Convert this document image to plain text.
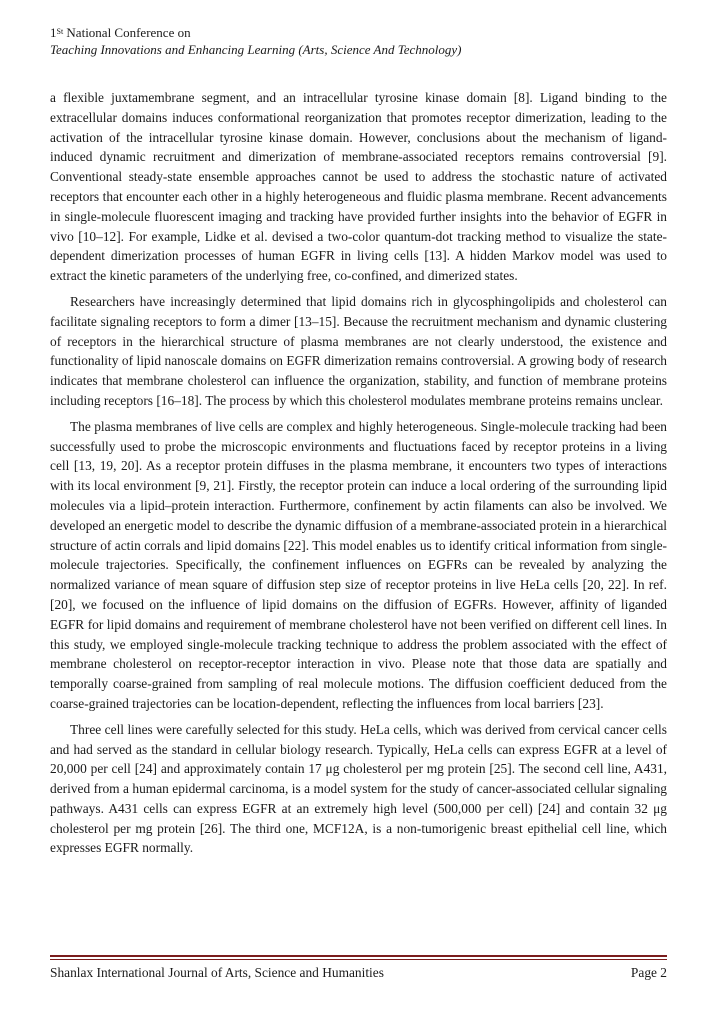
1St National Conference on
Teaching Innovations and Enhancing Learning (Arts, Science And Technology)

a flexible juxtamembrane segment, and an intracellular tyrosine kinase domain [8]. Ligand binding to the extracellular domains induces conformational reorganization that promotes receptor dimerization, leading to the activation of the intracellular tyrosine kinase domain. However, conclusions about the mechanism of ligand-induced dynamic recruitment and dimerization of membrane-associated receptors remains controversial [9]. Conventional steady-state ensemble approaches cannot be used to address the stochastic nature of activated receptors that encounter each other in a highly heterogeneous and fluidic plasma membrane. Recent advancements in single-molecule fluorescent imaging and tracking have provided further insights into the behavior of EGFR in vivo [10–12]. For example, Lidke et al. devised a two-color quantum-dot tracking method to visualize the state-dependent dimerization processes of human EGFR in living cells [13]. A hidden Markov model was used to extract the kinetic parameters of the underlying free, co-confined, and dimerized states.

Researchers have increasingly determined that lipid domains rich in glycosphingolipids and cholesterol can facilitate signaling receptors to form a dimer [13–15]. Because the recruitment mechanism and dynamic clustering of receptors in the hierarchical structure of plasma membranes are not clearly understood, the existence and functionality of lipid nanoscale domains on EGFR dimerization remains controversial. A growing body of research indicates that membrane cholesterol can influence the organization, stability, and function of membrane proteins including receptors [16–18]. The process by which this cholesterol modulates membrane proteins remains unclear.

The plasma membranes of live cells are complex and highly heterogeneous. Single-molecule tracking had been successfully used to probe the microscopic environments and fluctuations faced by receptor proteins in a living cell [13, 19, 20]. As a receptor protein diffuses in the plasma membrane, it encounters two types of interactions with its local environment [9, 21]. Firstly, the receptor protein can induce a local ordering of the surrounding lipid molecules via a lipid–protein interaction. Furthermore, confinement by actin filaments can also be involved. We developed an energetic model to describe the dynamic diffusion of a membrane-associated protein in a hierarchical structure of actin corrals and lipid domains [22]. This model enables us to identify critical information from single-molecule trajectories. Specifically, the confinement influences on EGFRs can be revealed by analyzing the normalized variance of mean square of diffusion step size of receptor proteins in live HeLa cells [20, 22]. In ref. [20], we focused on the influence of lipid domains on the diffusion of EGFRs. However, affinity of liganded EGFR for lipid domains and requirement of membrane cholesterol have not been verified on different cell lines. In this study, we employed single-molecule tracking technique to address the problem associated with the effect of membrane cholesterol on receptor-receptor interaction in vivo. Please note that those data are spatially and temporally coarse-grained from sampling of real molecule motions. The diffusion coefficient deduced from the coarse-grained trajectories can be location-dependent, reflecting the influences from local barriers [23].

Three cell lines were carefully selected for this study. HeLa cells, which was derived from cervical cancer cells and had served as the standard in cellular biology research. Typically, HeLa cells can express EGFR at a level of 20,000 per cell [24] and approximately contain 17 μg cholesterol per mg protein [25]. The second cell line, A431, derived from a human epidermal carcinoma, is a model system for the study of cancer-associated cellular signaling pathways. A431 cells can express EGFR at an extremely high level (500,000 per cell) [24] and contain 32 μg cholesterol per mg protein [26]. The third one, MCF12A, is a non-tumorigenic breast epithelial cell line, which expresses EGFR normally.

Shanlax International Journal of Arts, Science and Humanities	Page 2
